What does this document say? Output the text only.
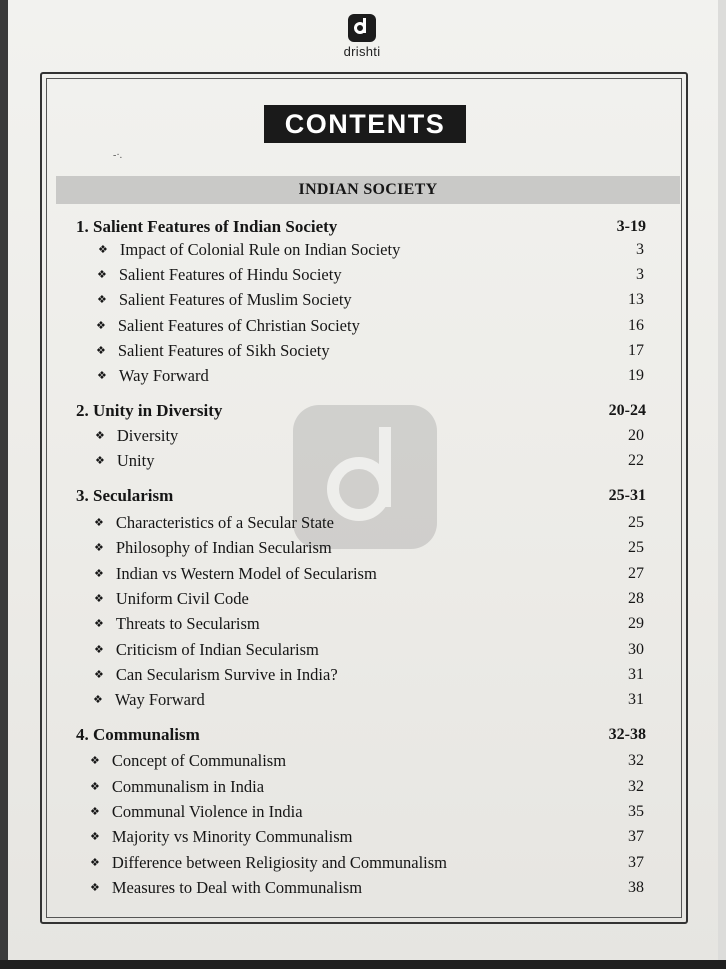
drishti
-·.
CONTENTS
INDIAN SOCIETY
1. Salient Features of Indian Society	3-19
❖ Impact of Colonial Rule on Indian Society	3
❖ Salient Features of Hindu Society	3
❖ Salient Features of Muslim Society	13
❖ Salient Features of Christian Society	16
❖ Salient Features of Sikh Society	17
❖ Way Forward	19
2. Unity in Diversity	20-24
❖ Diversity	20
❖ Unity	22
3. Secularism	25-31
❖ Characteristics of a Secular State	25
❖ Philosophy of Indian Secularism	25
❖ Indian vs Western Model of Secularism	27
❖ Uniform Civil Code	28
❖ Threats to Secularism	29
❖ Criticism of Indian Secularism	30
❖ Can Secularism Survive in India?	31
❖ Way Forward	31
4. Communalism	32-38
❖ Concept of Communalism	32
❖ Communalism in India	32
❖ Communal Violence in India	35
❖ Majority vs Minority Communalism	37
❖ Difference between Religiosity and Communalism	37
❖ Measures to Deal with Communalism	38
